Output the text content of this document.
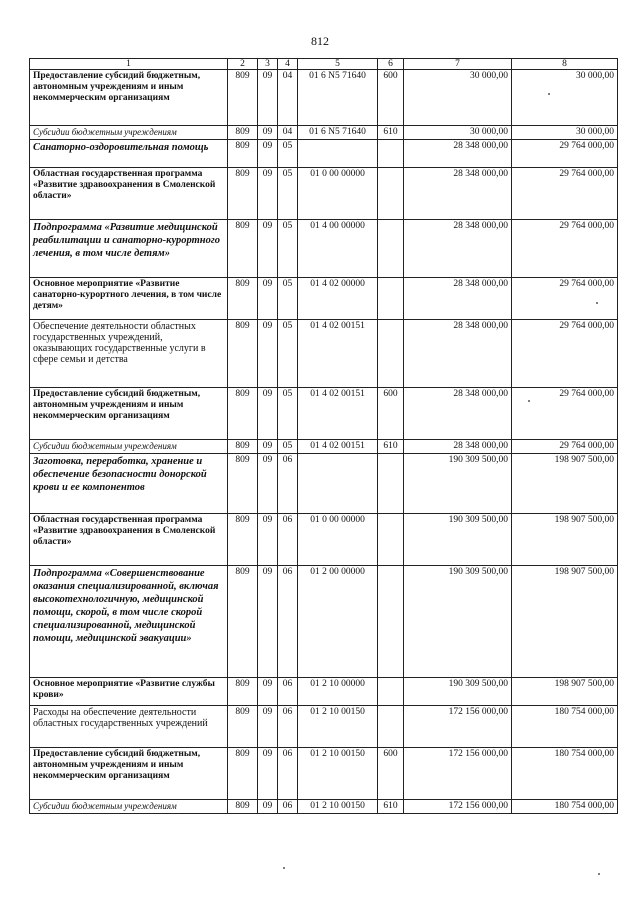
812
1	2	3	4	5	6	7	8
Предоставление субсидий бюджетным, автономным учреждениям и иным некоммерческим организациям	809	09	04	01 6 N5 71640	600	30 000,00	30 000,00
Субсидии бюджетным учреждениям	809	09	04	01 6 N5 71640	610	30 000,00	30 000,00
Санаторно-оздоровительная помощь	809	09	05			28 348 000,00	29 764 000,00
Областная государственная программа «Развитие здравоохранения в Смоленской области»	809	09	05	01 0 00 00000		28 348 000,00	29 764 000,00
Подпрограмма «Развитие медицинской реабилитации и санаторно-курортного лечения, в том числе детям»	809	09	05	01 4 00 00000		28 348 000,00	29 764 000,00
Основное мероприятие «Развитие санаторно-курортного лечения, в том числе детям»	809	09	05	01 4 02 00000		28 348 000,00	29 764 000,00
Обеспечение деятельности областных государственных учреждений, оказывающих государственные услуги в сфере семьи и детства	809	09	05	01 4 02 00151		28 348 000,00	29 764 000,00
Предоставление субсидий бюджетным, автономным учреждениям и иным некоммерческим организациям	809	09	05	01 4 02 00151	600	28 348 000,00	29 764 000,00
Субсидии бюджетным учреждениям	809	09	05	01 4 02 00151	610	28 348 000,00	29 764 000,00
Заготовка, переработка, хранение и обеспечение безопасности донорской крови и ее компонентов	809	09	06			190 309 500,00	198 907 500,00
Областная государственная программа «Развитие здравоохранения в Смоленской области»	809	09	06	01 0 00 00000		190 309 500,00	198 907 500,00
Подпрограмма «Совершенствование оказания специализированной, включая высокотехнологичную, медицинской помощи, скорой, в том числе скорой специализированной, медицинской помощи, медицинской эвакуации»	809	09	06	01 2 00 00000		190 309 500,00	198 907 500,00
Основное мероприятие «Развитие службы крови»	809	09	06	01 2 10 00000		190 309 500,00	198 907 500,00
Расходы на обеспечение деятельности областных государственных учреждений	809	09	06	01 2 10 00150		172 156 000,00	180 754 000,00
Предоставление субсидий бюджетным, автономным учреждениям и иным некоммерческим организациям	809	09	06	01 2 10 00150	600	172 156 000,00	180 754 000,00
Субсидии бюджетным учреждениям	809	09	06	01 2 10 00150	610	172 156 000,00	180 754 000,00
